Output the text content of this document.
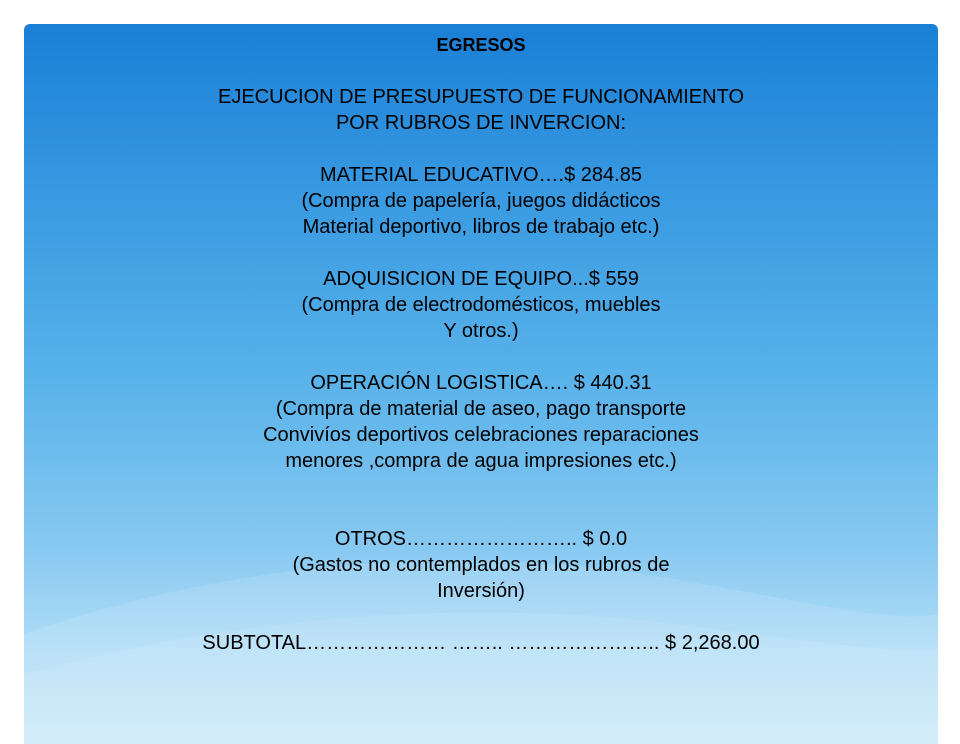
EGRESOS

EJECUCION DE PRESUPUESTO DE FUNCIONAMIENTO
POR RUBROS DE INVERCION:
MATERIAL EDUCATIVO….$ 284.85
(Compra de papelería, juegos didácticos
Material deportivo, libros de trabajo etc.)
ADQUISICION DE EQUIPO...$ 559
(Compra de electrodomésticos, muebles
Y otros.)
OPERACIÓN LOGISTICA…. $ 440.31
(Compra de material de aseo, pago transporte
Convivíos deportivos celebraciones reparaciones
menores ,compra de agua impresiones etc.)
OTROS…………………….. $ 0.0
(Gastos no contemplados en los rubros de
Inversión)
SUBTOTAL………………… …….. ………………….. $ 2,268.00
